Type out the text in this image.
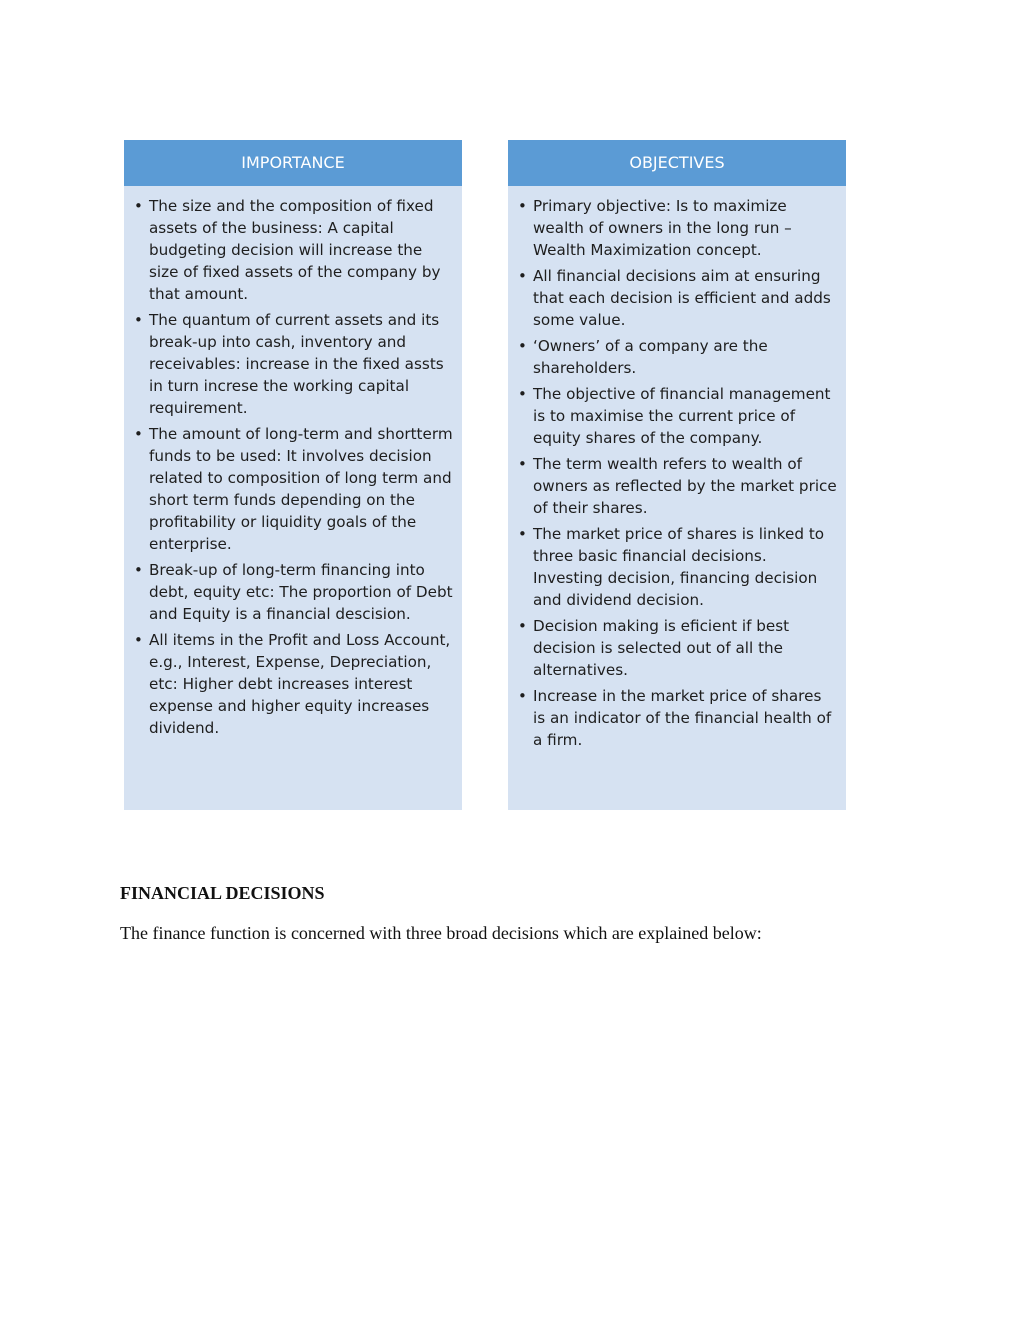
IMPORTANCE
• The size and the composition of fixed assets of the business: A capital budgeting decision will increase the size of fixed assets of the company by that amount.
• The quantum of current assets and its break-up into cash, inventory and receivables: increase in the fixed assts in turn increse the working capital requirement.
• The amount of long-term and shortterm funds to be used: It involves decision related to composition of long term and short term funds depending on the profitability or liquidity goals of the enterprise.
• Break-up of long-term financing into debt, equity etc: The proportion of Debt and Equity is a financial descision.
• All items in the Profit and Loss Account, e.g., Interest, Expense, Depreciation, etc: Higher debt increases interest expense and higher equity increases dividend.
OBJECTIVES
• Primary objective: Is to maximize wealth of owners in the long run – Wealth Maximization concept.
• All financial decisions aim at ensuring that each decision is efficient and adds some value.
• ‘Owners’ of a company are the shareholders.
• The objective of financial management is to maximise the current price of equity shares of the company.
• The term wealth refers to wealth of owners as reflected by the market price of their shares.
• The market price of shares is linked to three basic financial decisions. Investing decision, financing decision and dividend decision.
• Decision making is eficient if best decision is selected out of all the alternatives.
• Increase in the market price of shares is an indicator of the financial health of a firm.
FINANCIAL DECISIONS
The finance function is concerned with three broad decisions which are explained below:
